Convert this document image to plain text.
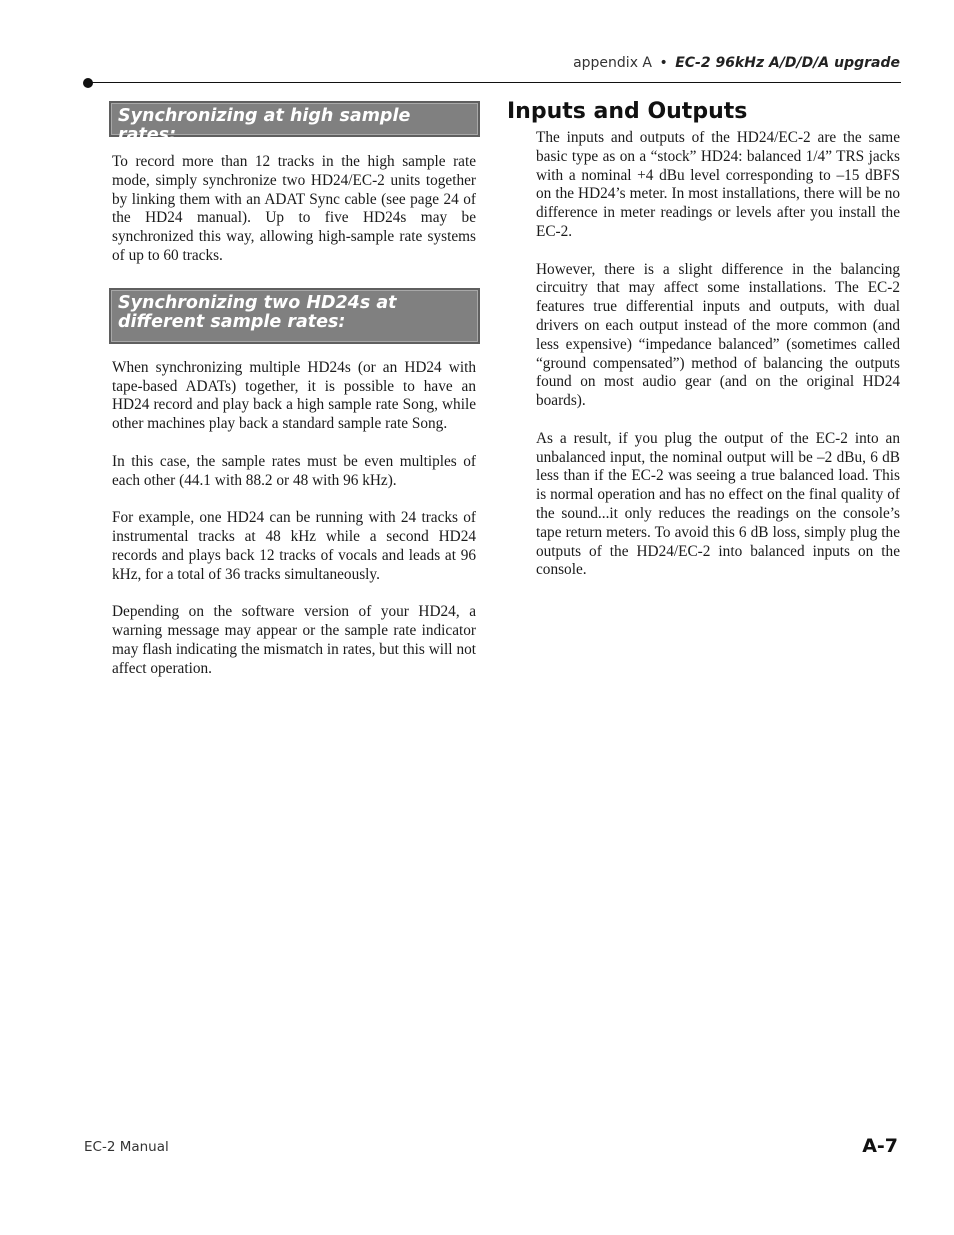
appendix A • EC-2 96kHz A/D/D/A upgrade
Synchronizing at high sample rates:

To record more than 12 tracks in the high sample rate mode, simply synchronize two HD24/EC-2 units together by linking them with an ADAT Sync cable (see page 24 of the HD24 manual). Up to five HD24s may be synchronized this way, allowing high-sample rate systems of up to 60 tracks.

Synchronizing two HD24s at different sample rates:

When synchronizing multiple HD24s (or an HD24 with tape-based ADATs) together, it is possible to have an HD24 record and play back a high sample rate Song, while other machines play back a standard sample rate Song.

In this case, the sample rates must be even multiples of each other (44.1 with 88.2 or 48 with 96 kHz).

For example, one HD24 can be running with 24 tracks of instrumental tracks at 48 kHz while a second HD24 records and plays back 12 tracks of vocals and leads at 96 kHz, for a total of 36 tracks simultaneously.

Depending on the software version of your HD24, a warning message may appear or the sample rate indicator may flash indicating the mismatch in rates, but this will not affect operation.

Inputs and Outputs

The inputs and outputs of the HD24/EC-2 are the same basic type as on a “stock” HD24: balanced 1/4” TRS jacks with a nominal +4 dBu level corresponding to –15 dBFS on the HD24’s meter. In most installations, there will be no difference in meter readings or levels after you install the EC-2.

However, there is a slight difference in the balancing circuitry that may affect some installations. The EC-2 features true differential inputs and outputs, with dual drivers on each output instead of the more common (and less expensive) “impedance balanced” (sometimes called “ground compensated”) method of balancing the outputs found on most audio gear (and on the original HD24 boards).

As a result, if you plug the output of the EC-2 into an unbalanced input, the nominal output will be –2 dBu, 6 dB less than if the EC-2 was seeing a true balanced load. This is normal operation and has no effect on the final quality of the sound...it only reduces the readings on the console’s tape return meters. To avoid this 6 dB loss, simply plug the outputs of the HD24/EC-2 into balanced inputs on the console.

EC-2 Manual	A-7
